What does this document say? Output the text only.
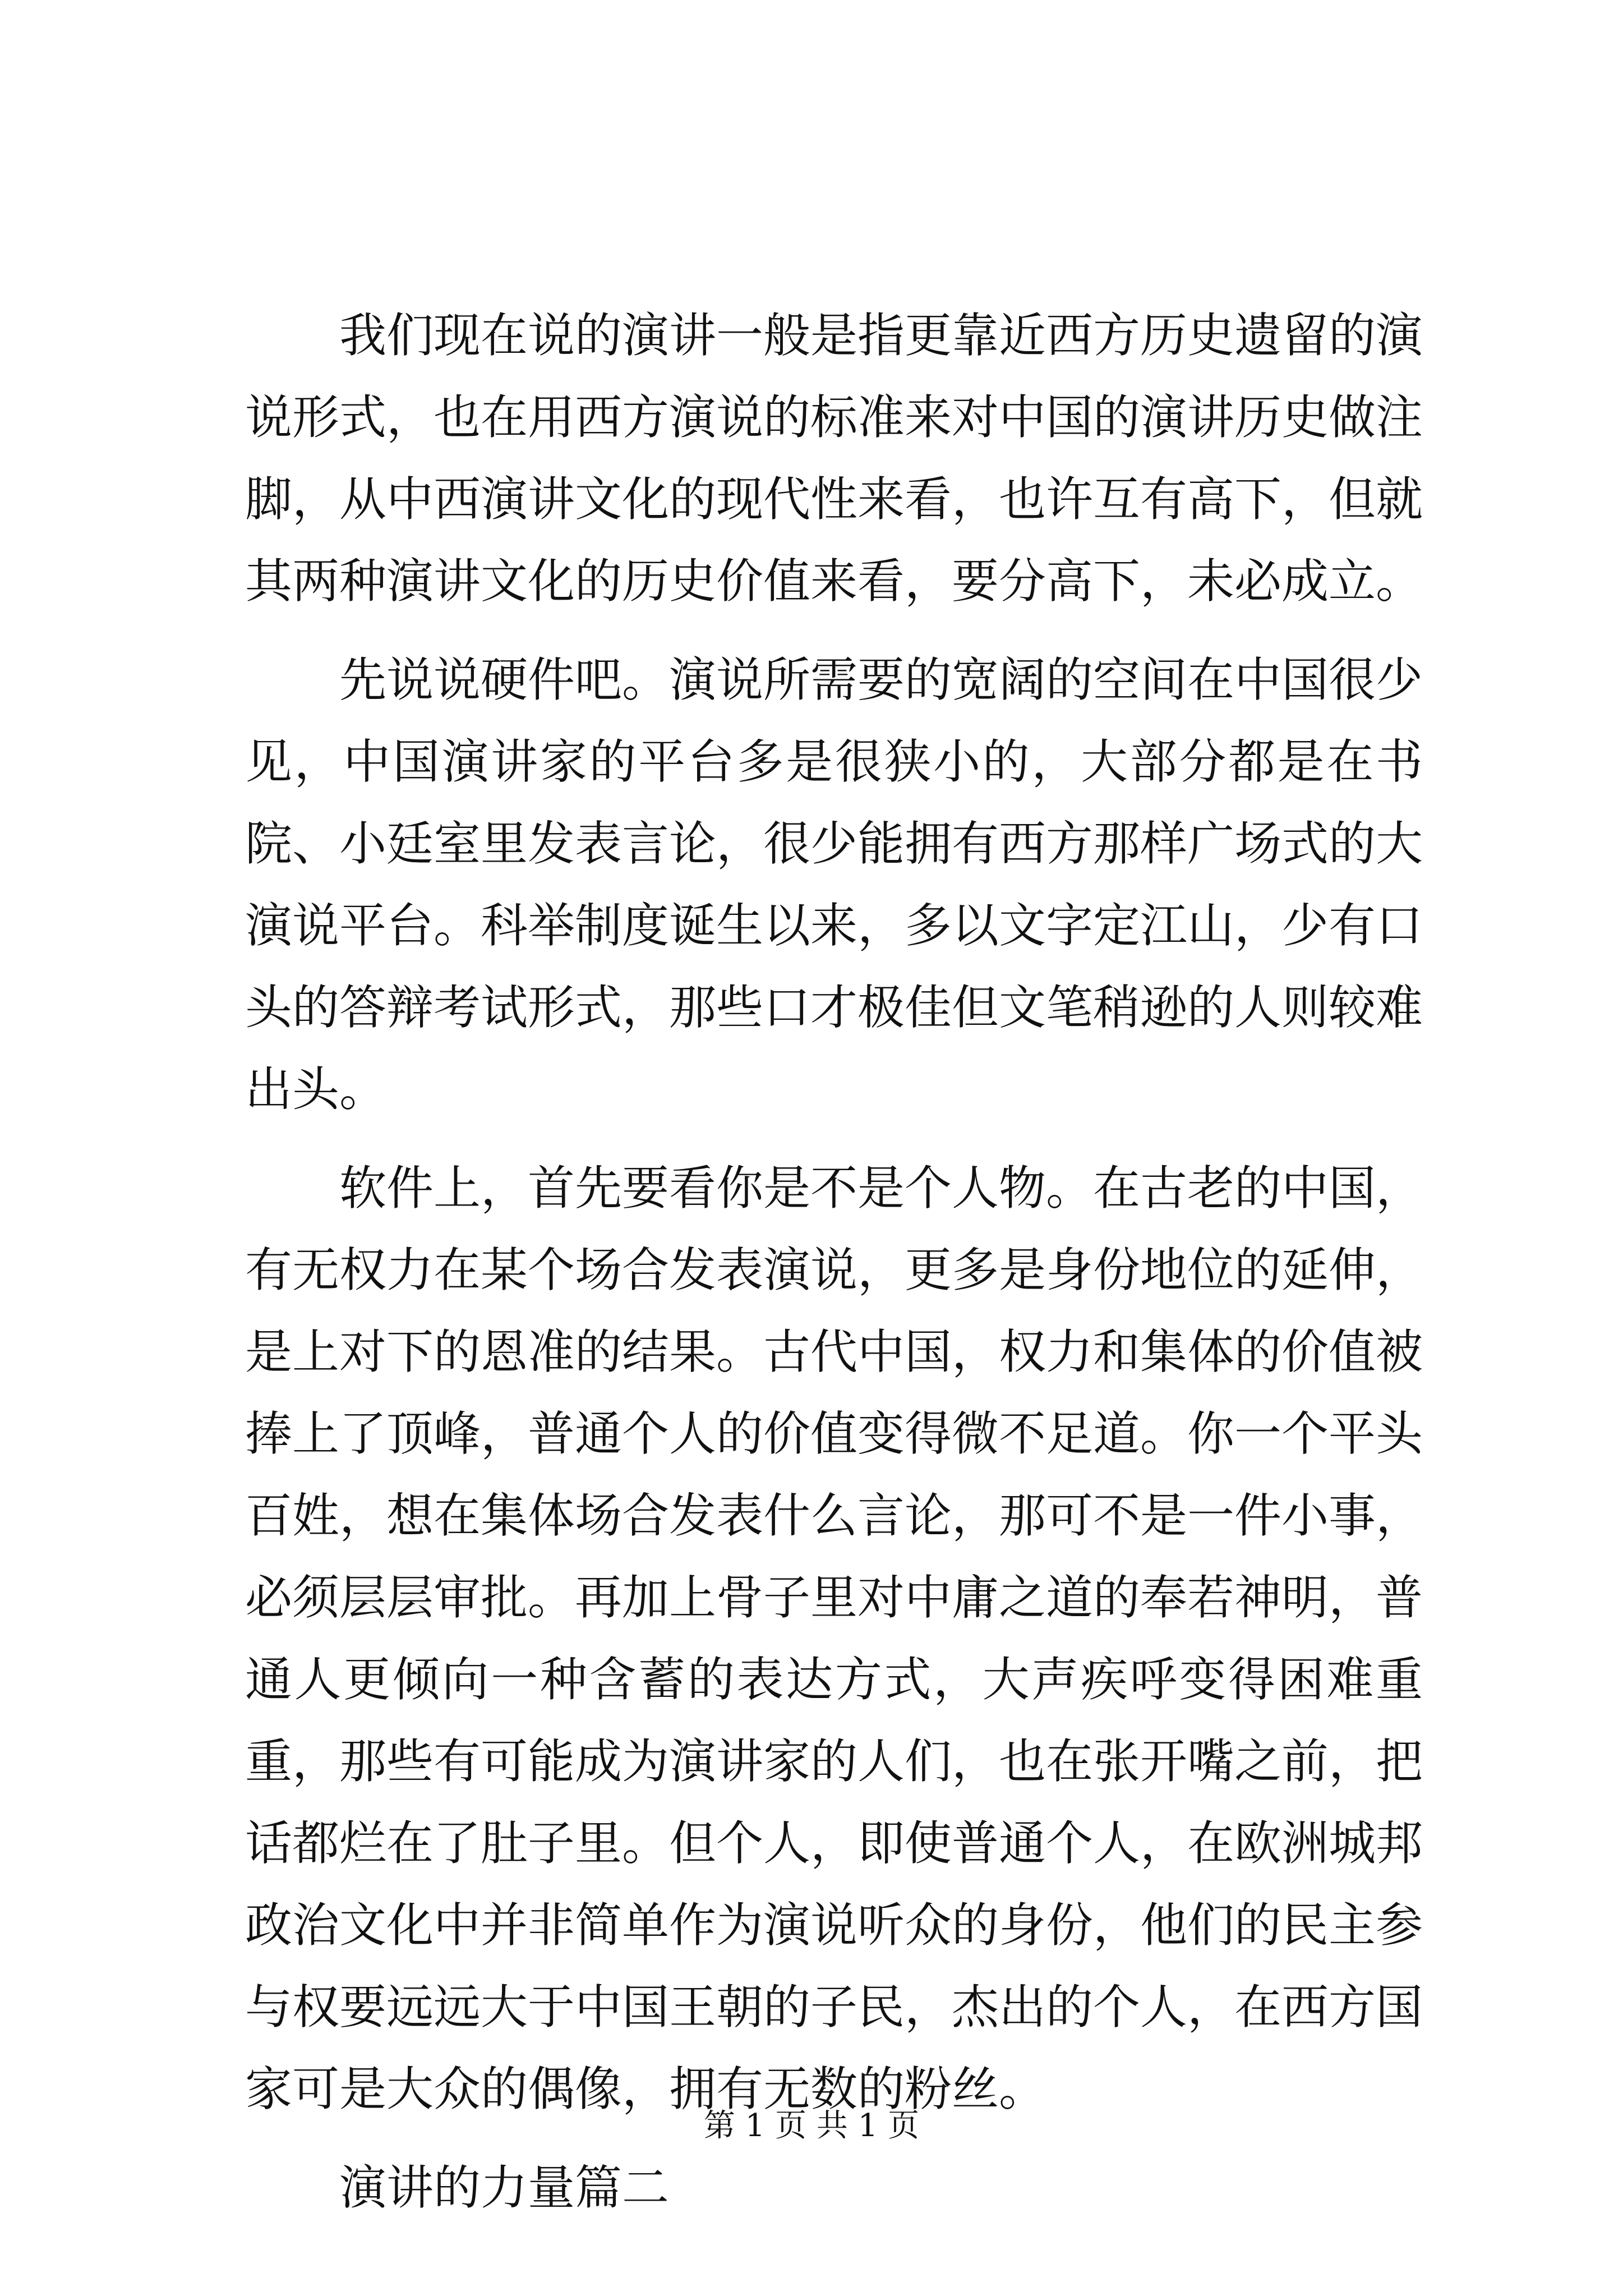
我们现在说的演讲一般是指更靠近西方历史遗留的演说形式，也在用西方演说的标准来对中国的演讲历史做注脚，从中西演讲文化的现代性来看，也许互有高下，但就其两种演讲文化的历史价值来看，要分高下，未必成立。

先说说硬件吧。演说所需要的宽阔的空间在中国很少见，中国演讲家的平台多是很狭小的，大部分都是在书院、小廷室里发表言论，很少能拥有西方那样广场式的大演说平台。科举制度诞生以来，多以文字定江山，少有口头的答辩考试形式，那些口才极佳但文笔稍逊的人则较难出头。

软件上，首先要看你是不是个人物。在古老的中国，有无权力在某个场合发表演说，更多是身份地位的延伸，是上对下的恩准的结果。古代中国，权力和集体的价值被捧上了顶峰，普通个人的价值变得微不足道。你一个平头百姓，想在集体场合发表什么言论，那可不是一件小事，必须层层审批。再加上骨子里对中庸之道的奉若神明，普通人更倾向一种含蓄的表达方式，大声疾呼变得困难重重，那些有可能成为演讲家的人们，也在张开嘴之前，把话都烂在了肚子里。但个人，即使普通个人，在欧洲城邦政治文化中并非简单作为演说听众的身份，他们的民主参与权要远远大于中国王朝的子民，杰出的个人，在西方国家可是大众的偶像，拥有无数的粉丝。

演讲的力量篇二

第 1 页 共 1 页
